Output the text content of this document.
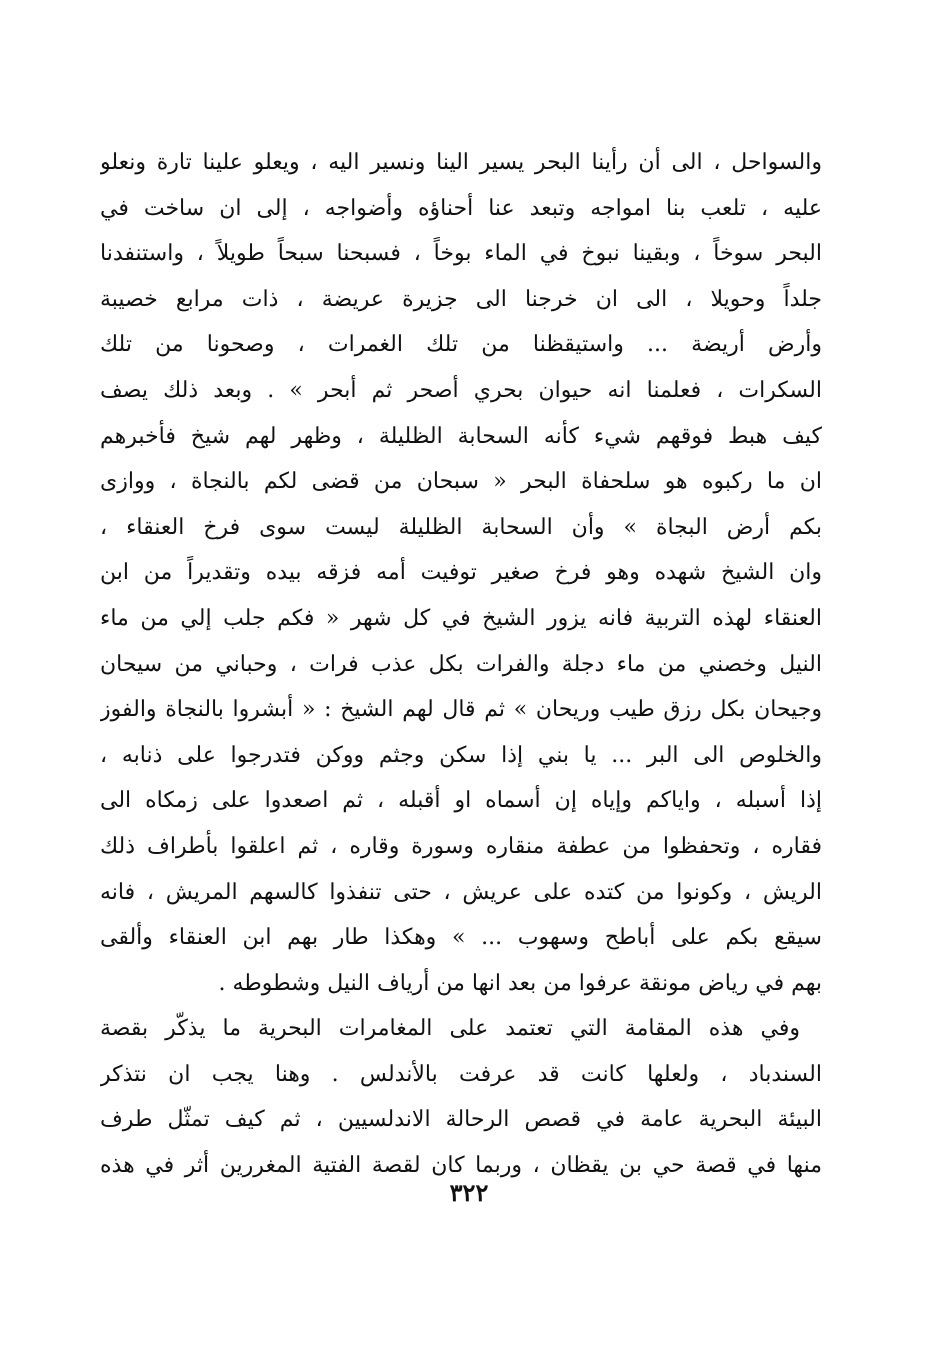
والسواحل ، الى أن رأينا البحر يسير الينا ونسير اليه ، ويعلو علينا تارة ونعلو
عليه ، تلعب بنا امواجه وتبعد عنا أحناؤه وأضواجه ، إلى ان ساخت في
البحر سوخاً ، وبقينا نبوخ في الماء بوخاً ، فسبحنا سبحاً طويلاً ، واستنفدنا
جلداً وحويلا ، الى ان خرجنا الى جزيرة عريضة ، ذات مرابع خصيبة
وأرض أريضة ... واستيقظنا من تلك الغمرات ، وصحونا من تلك
السكرات ، فعلمنا انه حيوان بحري أصحر ثم أبحر » . وبعد ذلك يصف
كيف هبط فوقهم شيء كأنه السحابة الظليلة ، وظهر لهم شيخ فأخبرهم
ان ما ركبوه هو سلحفاة البحر « سبحان من قضى لكم بالنجاة ، ووازى
بكم أرض البجاة » وأن السحابة الظليلة ليست سوى فرخ العنقاء ،
وان الشيخ شهده وهو فرخ صغير توفيت أمه فزقه بيده وتقديراً من ابن
العنقاء لهذه التربية فانه يزور الشيخ في كل شهر « فكم جلب إلي من ماء
النيل وخصني من ماء دجلة والفرات بكل عذب فرات ، وحباني من سيحان
وجيحان بكل رزق طيب وريحان » ثم قال لهم الشيخ : « أبشروا بالنجاة والفوز
والخلوص الى البر ... يا بني إذا سكن وجثم ووكن فتدرجوا على ذنابه ،
إذا أسبله ، واياكم وإياه إن أسماه او أقبله ، ثم اصعدوا على زمكاه الى
فقاره ، وتحفظوا من عطفة منقاره وسورة وقاره ، ثم اعلقوا بأطراف ذلك
الريش ، وكونوا من كتده على عريش ، حتى تنفذوا كالسهم المريش ، فانه
سيقع بكم على أباطح وسهوب ... » وهكذا طار بهم ابن العنقاء وألقى
بهم في رياض مونقة عرفوا من بعد انها من أرياف النيل وشطوطه .
وفي هذه المقامة التي تعتمد على المغامرات البحرية ما يذكّر بقصة
السندباد ، ولعلها كانت قد عرفت بالأندلس . وهنا يجب ان نتذكر
البيئة البحرية عامة في قصص الرحالة الاندلسيين ، ثم كيف تمثّل طرف
منها في قصة حي بن يقظان ، وربما كان لقصة الفتية المغررين أثر في هذه
٣٢٢
